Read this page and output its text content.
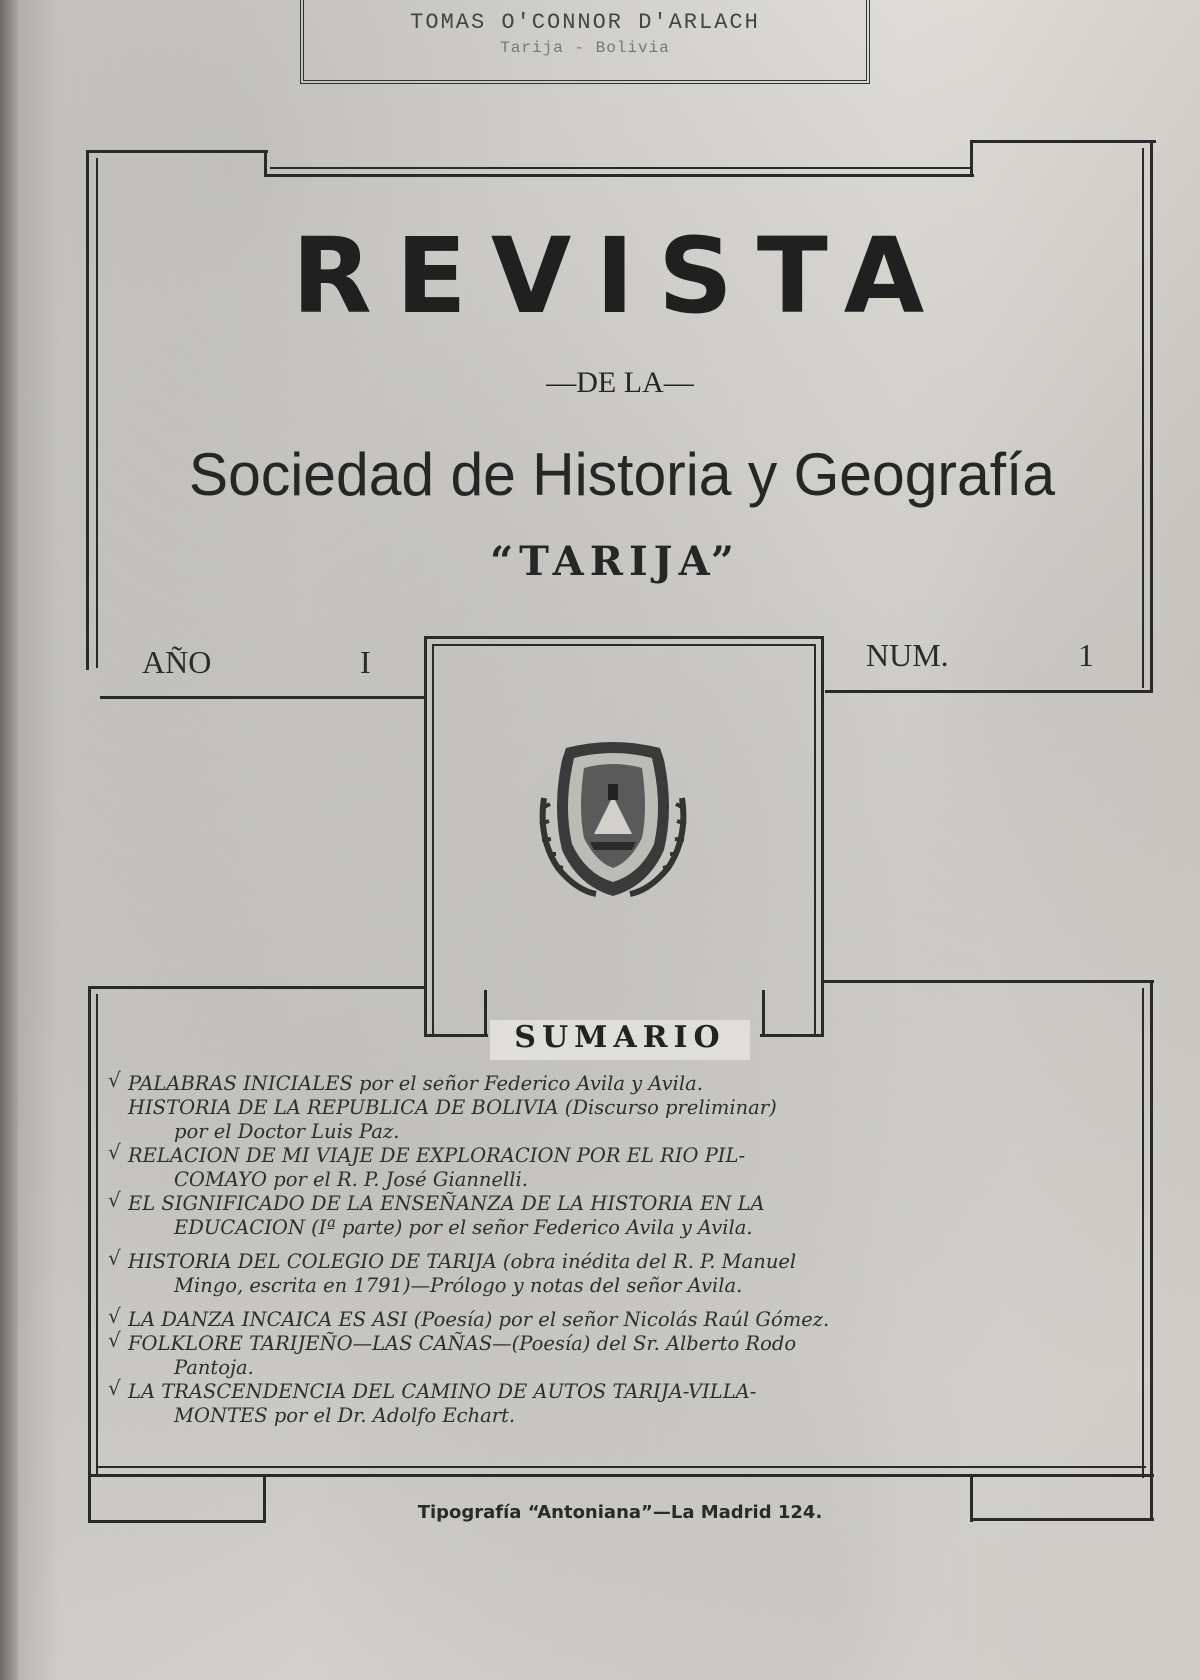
TOMAS O'CONNOR D'ARLACH
Tarija - Bolivia
REVISTA
—DE LA—
Sociedad de Historia y Geografía
“TARIJA”
AÑO	I	NUM.	1
SUMARIO
√ PALABRAS INICIALES por el señor Federico Avila y Avila.
HISTORIA DE LA REPUBLICA DE BOLIVIA (Discurso preliminar)
por el Doctor Luis Paz.
√ RELACION DE MI VIAJE DE EXPLORACION POR EL RIO PIL-
COMAYO por el R. P. José Giannelli.
√ EL SIGNIFICADO DE LA ENSEÑANZA DE LA HISTORIA EN LA
EDUCACION (Iª parte) por el señor Federico Avila y Avila.
√ HISTORIA DEL COLEGIO DE TARIJA (obra inédita del R. P. Manuel
Mingo, escrita en 1791)—Prólogo y notas del señor Avila.
√ LA DANZA INCAICA ES ASI (Poesía) por el señor Nicolás Raúl Gómez.
√ FOLKLORE TARIJEÑO—LAS CAÑAS—(Poesía) del Sr. Alberto Rodo
Pantoja.
√ LA TRASCENDENCIA DEL CAMINO DE AUTOS TARIJA-VILLA-
MONTES por el Dr. Adolfo Echart.
Tipografía “Antoniana”—La Madrid 124.
